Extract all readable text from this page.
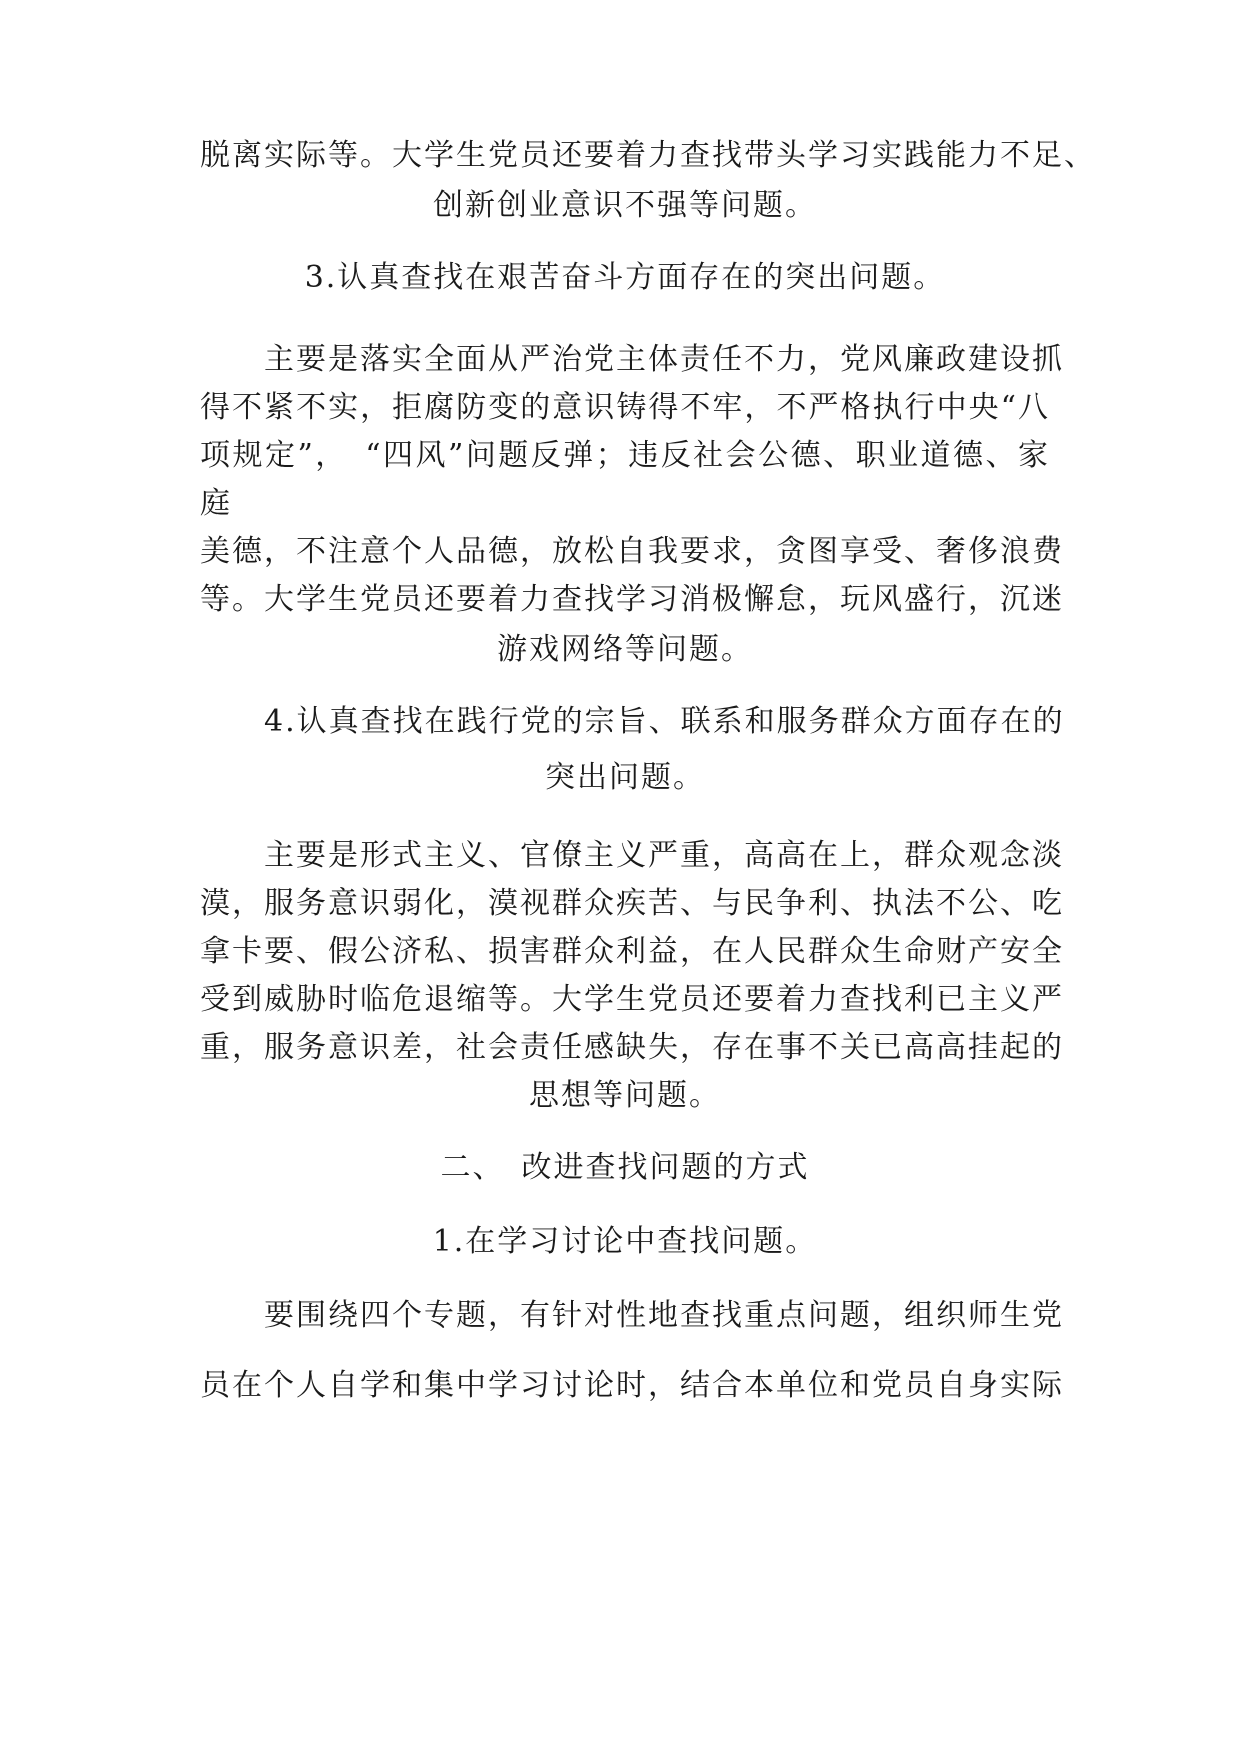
脱离实际等。大学生党员还要着力查找带头学习实践能力不足、
创新创业意识不强等问题。
3.认真查找在艰苦奋斗方面存在的突出问题。
　　主要是落实全面从严治党主体责任不力，党风廉政建设抓
得不紧不实，拒腐防变的意识铸得不牢，不严格执行中央“八
项规定”，　“四风”问题反弹；违反社会公德、职业道德、家
庭
美德，不注意个人品德，放松自我要求，贪图享受、奢侈浪费
等。大学生党员还要着力查找学习消极懈怠，玩风盛行，沉迷
游戏网络等问题。
　　4.认真查找在践行党的宗旨、联系和服务群众方面存在的
突出问题。
　　主要是形式主义、官僚主义严重，高高在上，群众观念淡
漠，服务意识弱化，漠视群众疾苦、与民争利、执法不公、吃
拿卡要、假公济私、损害群众利益，在人民群众生命财产安全
受到威胁时临危退缩等。大学生党员还要着力查找利已主义严
重，服务意识差，社会责任感缺失，存在事不关已高高挂起的
思想等问题。
二、　改进查找问题的方式
1.在学习讨论中查找问题。
　　要围绕四个专题，有针对性地查找重点问题，组织师生党
员在个人自学和集中学习讨论时，结合本单位和党员自身实际
